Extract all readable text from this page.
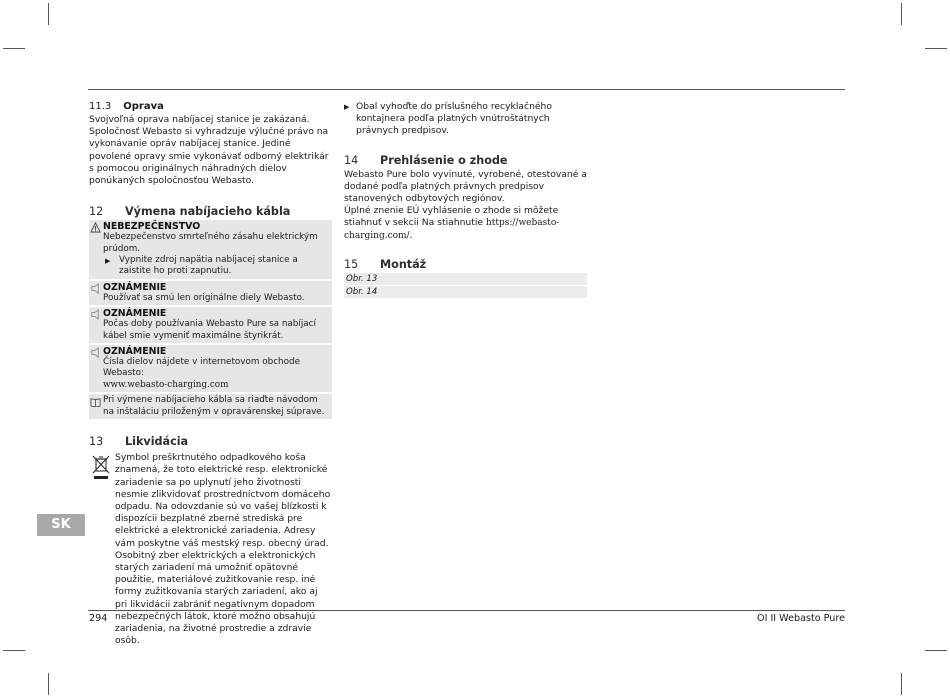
11.3 Oprava

Svojvoľná oprava nabíjacej stanice je zakázaná. Spoločnosť Webasto si vyhradzuje výlučné právo na vykonávanie opráv nabíjacej stanice. Jediné povolené opravy smie vykonávať odborný elektrikár s pomocou originálnych náhradných dielov ponúkaných spoločnosťou Webasto.

12 Výmena nabíjacieho kábla

NEBEZPEČENSTVO

Nebezpečenstvo smrteľného zásahu elektrickým prúdom.

▶ Vypnite zdroj napätia nabíjacej stanice a zaistite ho proti zapnutiu.

OZNÁMENIE

Používať sa smú len originálne diely Webasto.

OZNÁMENIE

Počas doby používania Webasto Pure sa nabíjací kábel smie vymeniť maximálne štyrikrát.

OZNÁMENIE

Čísla dielov nájdete v internetovom obchode Webasto:

www.webasto-charging.com

Pri výmene nabíjacieho kábla sa riaďte návodom na inštaláciu priloženým v opravárenskej súprave.

13 Likvidácia

Symbol preškrtnutého odpadkového koša znamená, že toto elektrické resp. elektronické zariadenie sa po uplynutí jeho životnosti nesmie zlikvidovať prostredníctvom domáceho odpadu. Na odovzdanie sú vo vašej blízkosti k dispozícii bezplatné zberné strediská pre elektrické a elektronické zariadenia. Adresy vám poskytne váš mestský resp. obecný úrad. Osobitný zber elektrických a elektronických starých zariadení má umožniť opätovné použitie, materiálové zužitkovanie resp. iné formy zužitkovania starých zariadení, ako aj pri likvidácii zabrániť negatívnym dopadom nebezpečných látok, ktoré možno obsahujú zariadenia, na životné prostredie a zdravie osôb.

▶ Obal vyhoďte do príslušného recyklačného kontajnera podľa platných vnútroštátnych právnych predpisov.

14 Prehlásenie o zhode

Webasto Pure bolo vyvinuté, vyrobené, otestované a dodané podľa platných právnych predpisov stanovených odbytových regiónov.

Úplné znenie EÚ vyhlásenie o zhode si môžete stiahnuť v sekcii Na stiahnutie https://webasto-charging.com/.

15 Montáž

Obr. 13
Obr. 14
SK
294	OI II Webasto Pure
